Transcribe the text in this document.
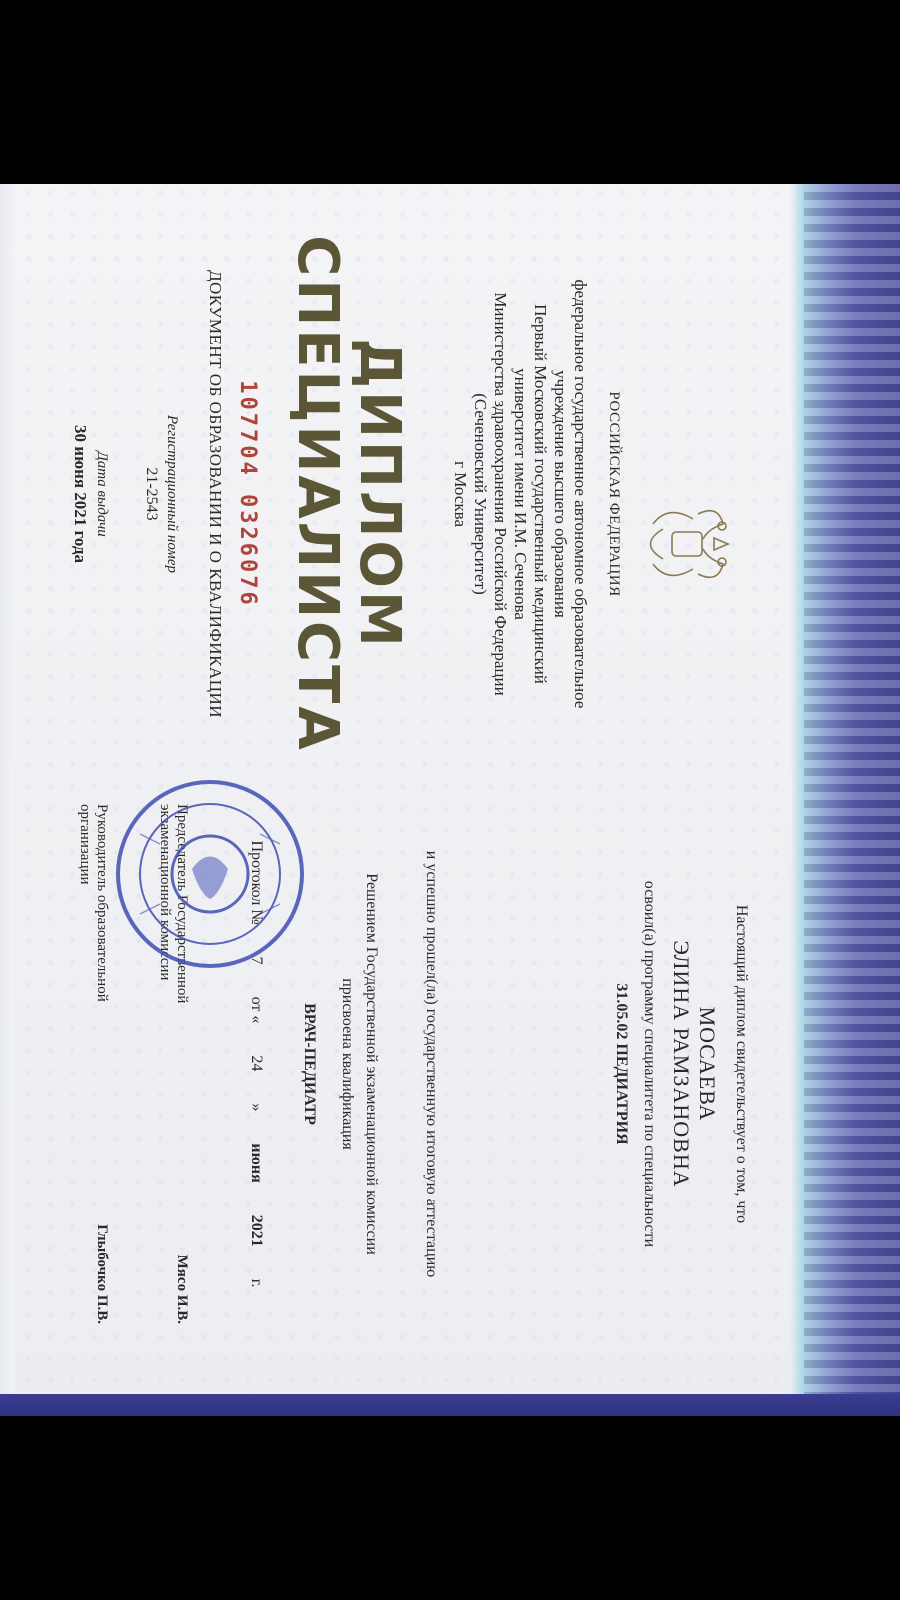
РОССИЙСКАЯ ФЕДЕРАЦИЯ
федеральное государственное автономное образовательное
учреждение высшего образования
Первый Московский государственный медицинский
университет имени И.М. Сеченова
Министерства здравоохранения Российской Федерации
(Сеченовский Университет)
г Москва
ДИПЛОМ
СПЕЦИАЛИСТА
107704 0326076
ДОКУМЕНТ ОБ ОБРАЗОВАНИИ И О КВАЛИФИКАЦИИ
Регистрационный номер
21-2543
Дата выдачи
30 июня 2021 года
Настоящий диплом свидетельствует о том, что
МОСАЕВА
ЭЛИНА РАМЗАНОВНА
освоил(а) программу специалитета по специальности
31.05.02 ПЕДИАТРИЯ
и успешно прошел(ла) государственную итоговую аттестацию
Решением Государственной экзаменационной комиссии
присвоена квалификация
ВРАЧ-ПЕДИАТР
Протокол № 7 от « 24 » июня 2021 г.
Председатель Государственной экзаменационной комиссии
Мясо И.В.
Руководитель образовательной организации
Глыбочко П.В.
